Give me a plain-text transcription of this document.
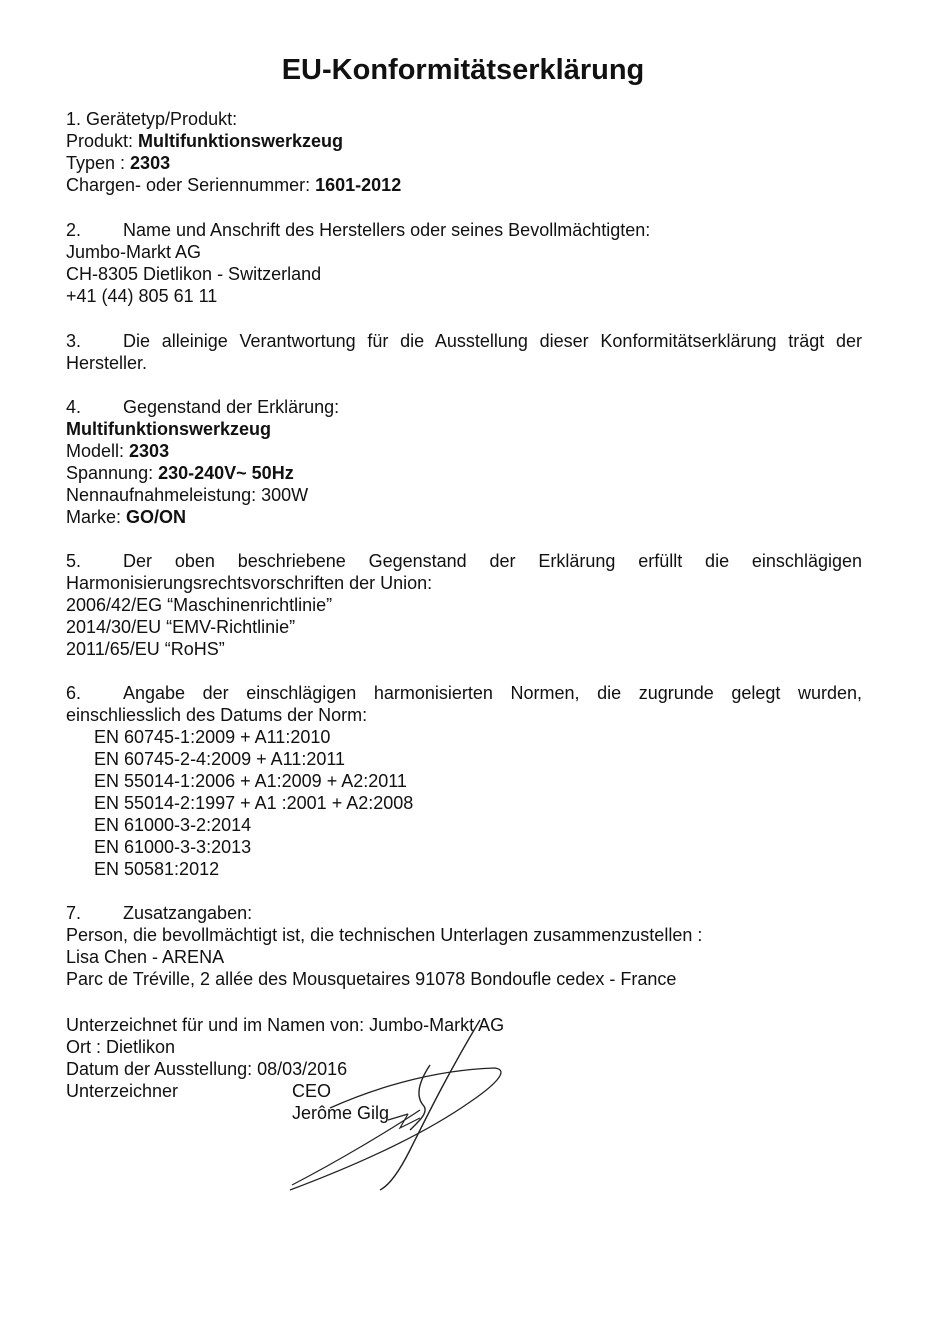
EU-Konformitätserklärung
1. Gerätetyp/Produkt:
Produkt: Multifunktionswerkzeug
Typen : 2303
Chargen- oder Seriennummer: 1601-2012
2. Name und Anschrift des Herstellers oder seines Bevollmächtigten:
Jumbo-Markt AG
CH-8305 Dietlikon - Switzerland
+41 (44) 805 61 11
3. Die alleinige Verantwortung für die Ausstellung dieser Konformitätserklärung trägt der Hersteller.
4. Gegenstand der Erklärung:
Multifunktionswerkzeug
Modell: 2303
Spannung: 230-240V~ 50Hz
Nennaufnahmeleistung: 300W
Marke: GO/ON
5. Der oben beschriebene Gegenstand der Erklärung erfüllt die einschlägigen
Harmonisierungsrechtsvorschriften der Union:
2006/42/EG “Maschinenrichtlinie”
2014/30/EU “EMV-Richtlinie”
2011/65/EU “RoHS”
6. Angabe der einschlägigen harmonisierten Normen, die zugrunde gelegt wurden,
einschliesslich des Datums der Norm:
EN 60745-1:2009 + A11:2010
EN 60745-2-4:2009 + A11:2011
EN 55014-1:2006 + A1:2009 + A2:2011
EN 55014-2:1997 + A1 :2001 + A2:2008
EN 61000-3-2:2014
EN 61000-3-3:2013
EN 50581:2012
7. Zusatzangaben:
Person, die bevollmächtigt ist, die technischen Unterlagen zusammenzustellen :
Lisa Chen - ARENA
Parc de Tréville, 2 allée des Mousquetaires 91078 Bondoufle cedex - France
Unterzeichnet für und im Namen von: Jumbo-Markt AG
Ort : Dietlikon
Datum der Ausstellung: 08/03/2016
Unterzeichner	CEO
Jerôme Gilg
